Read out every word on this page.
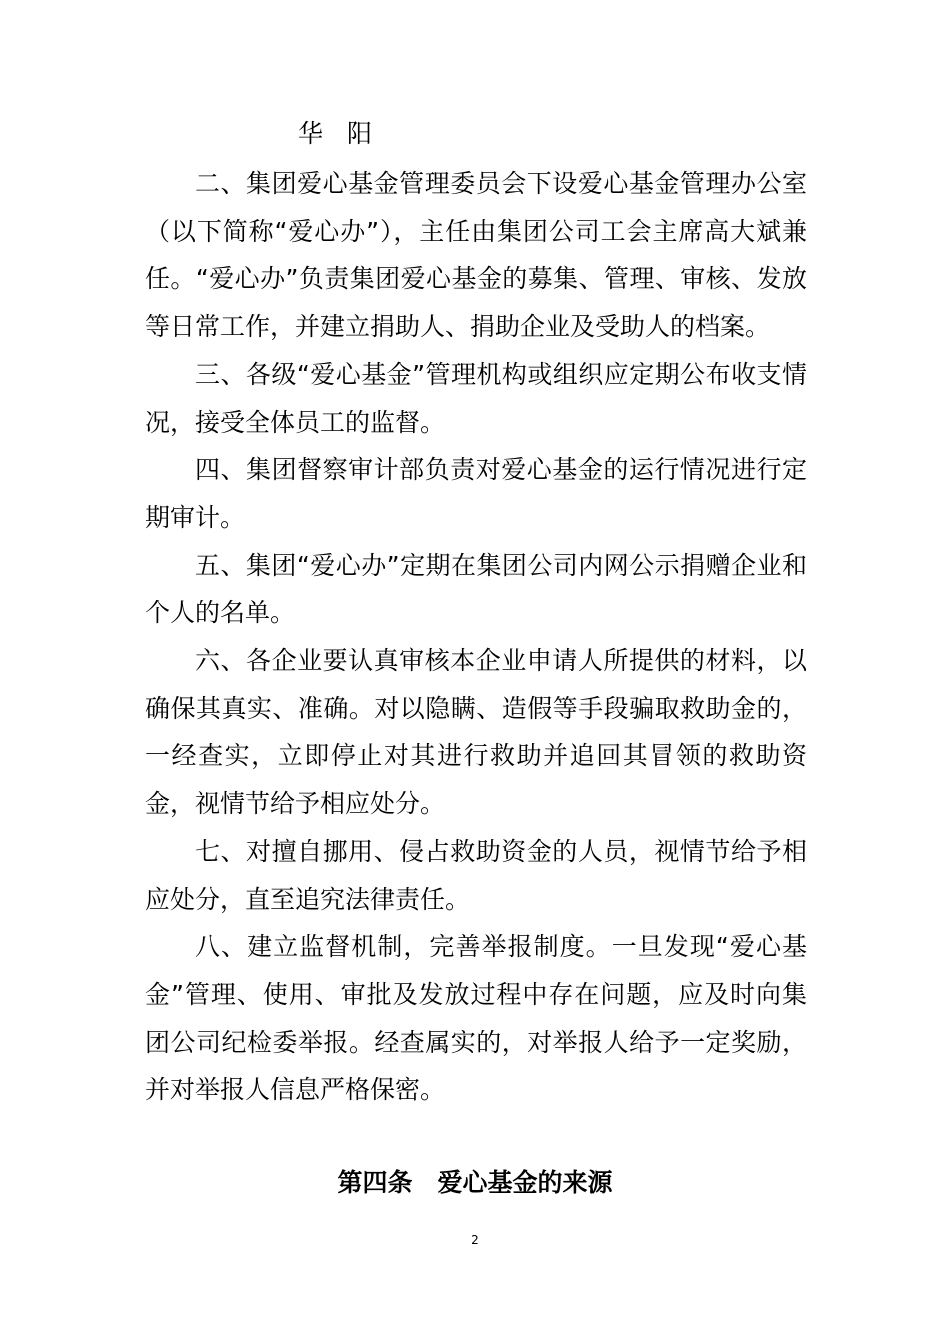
华 阳

二、集团爱心基金管理委员会下设爱心基金管理办公室（以下简称“爱心办”），主任由集团公司工会主席高大斌兼任。“爱心办”负责集团爱心基金的募集、管理、审核、发放等日常工作，并建立捐助人、捐助企业及受助人的档案。

三、各级“爱心基金”管理机构或组织应定期公布收支情况，接受全体员工的监督。

四、集团督察审计部负责对爱心基金的运行情况进行定期审计。

五、集团“爱心办”定期在集团公司内网公示捐赠企业和个人的名单。

六、各企业要认真审核本企业申请人所提供的材料，以确保其真实、准确。对以隐瞒、造假等手段骗取救助金的，一经查实，立即停止对其进行救助并追回其冒领的救助资金，视情节给予相应处分。

七、对擅自挪用、侵占救助资金的人员，视情节给予相应处分，直至追究法律责任。

八、建立监督机制，完善举报制度。一旦发现“爱心基金”管理、使用、审批及发放过程中存在问题，应及时向集团公司纪检委举报。经查属实的，对举报人给予一定奖励，并对举报人信息严格保密。

第四条　爱心基金的来源
2
